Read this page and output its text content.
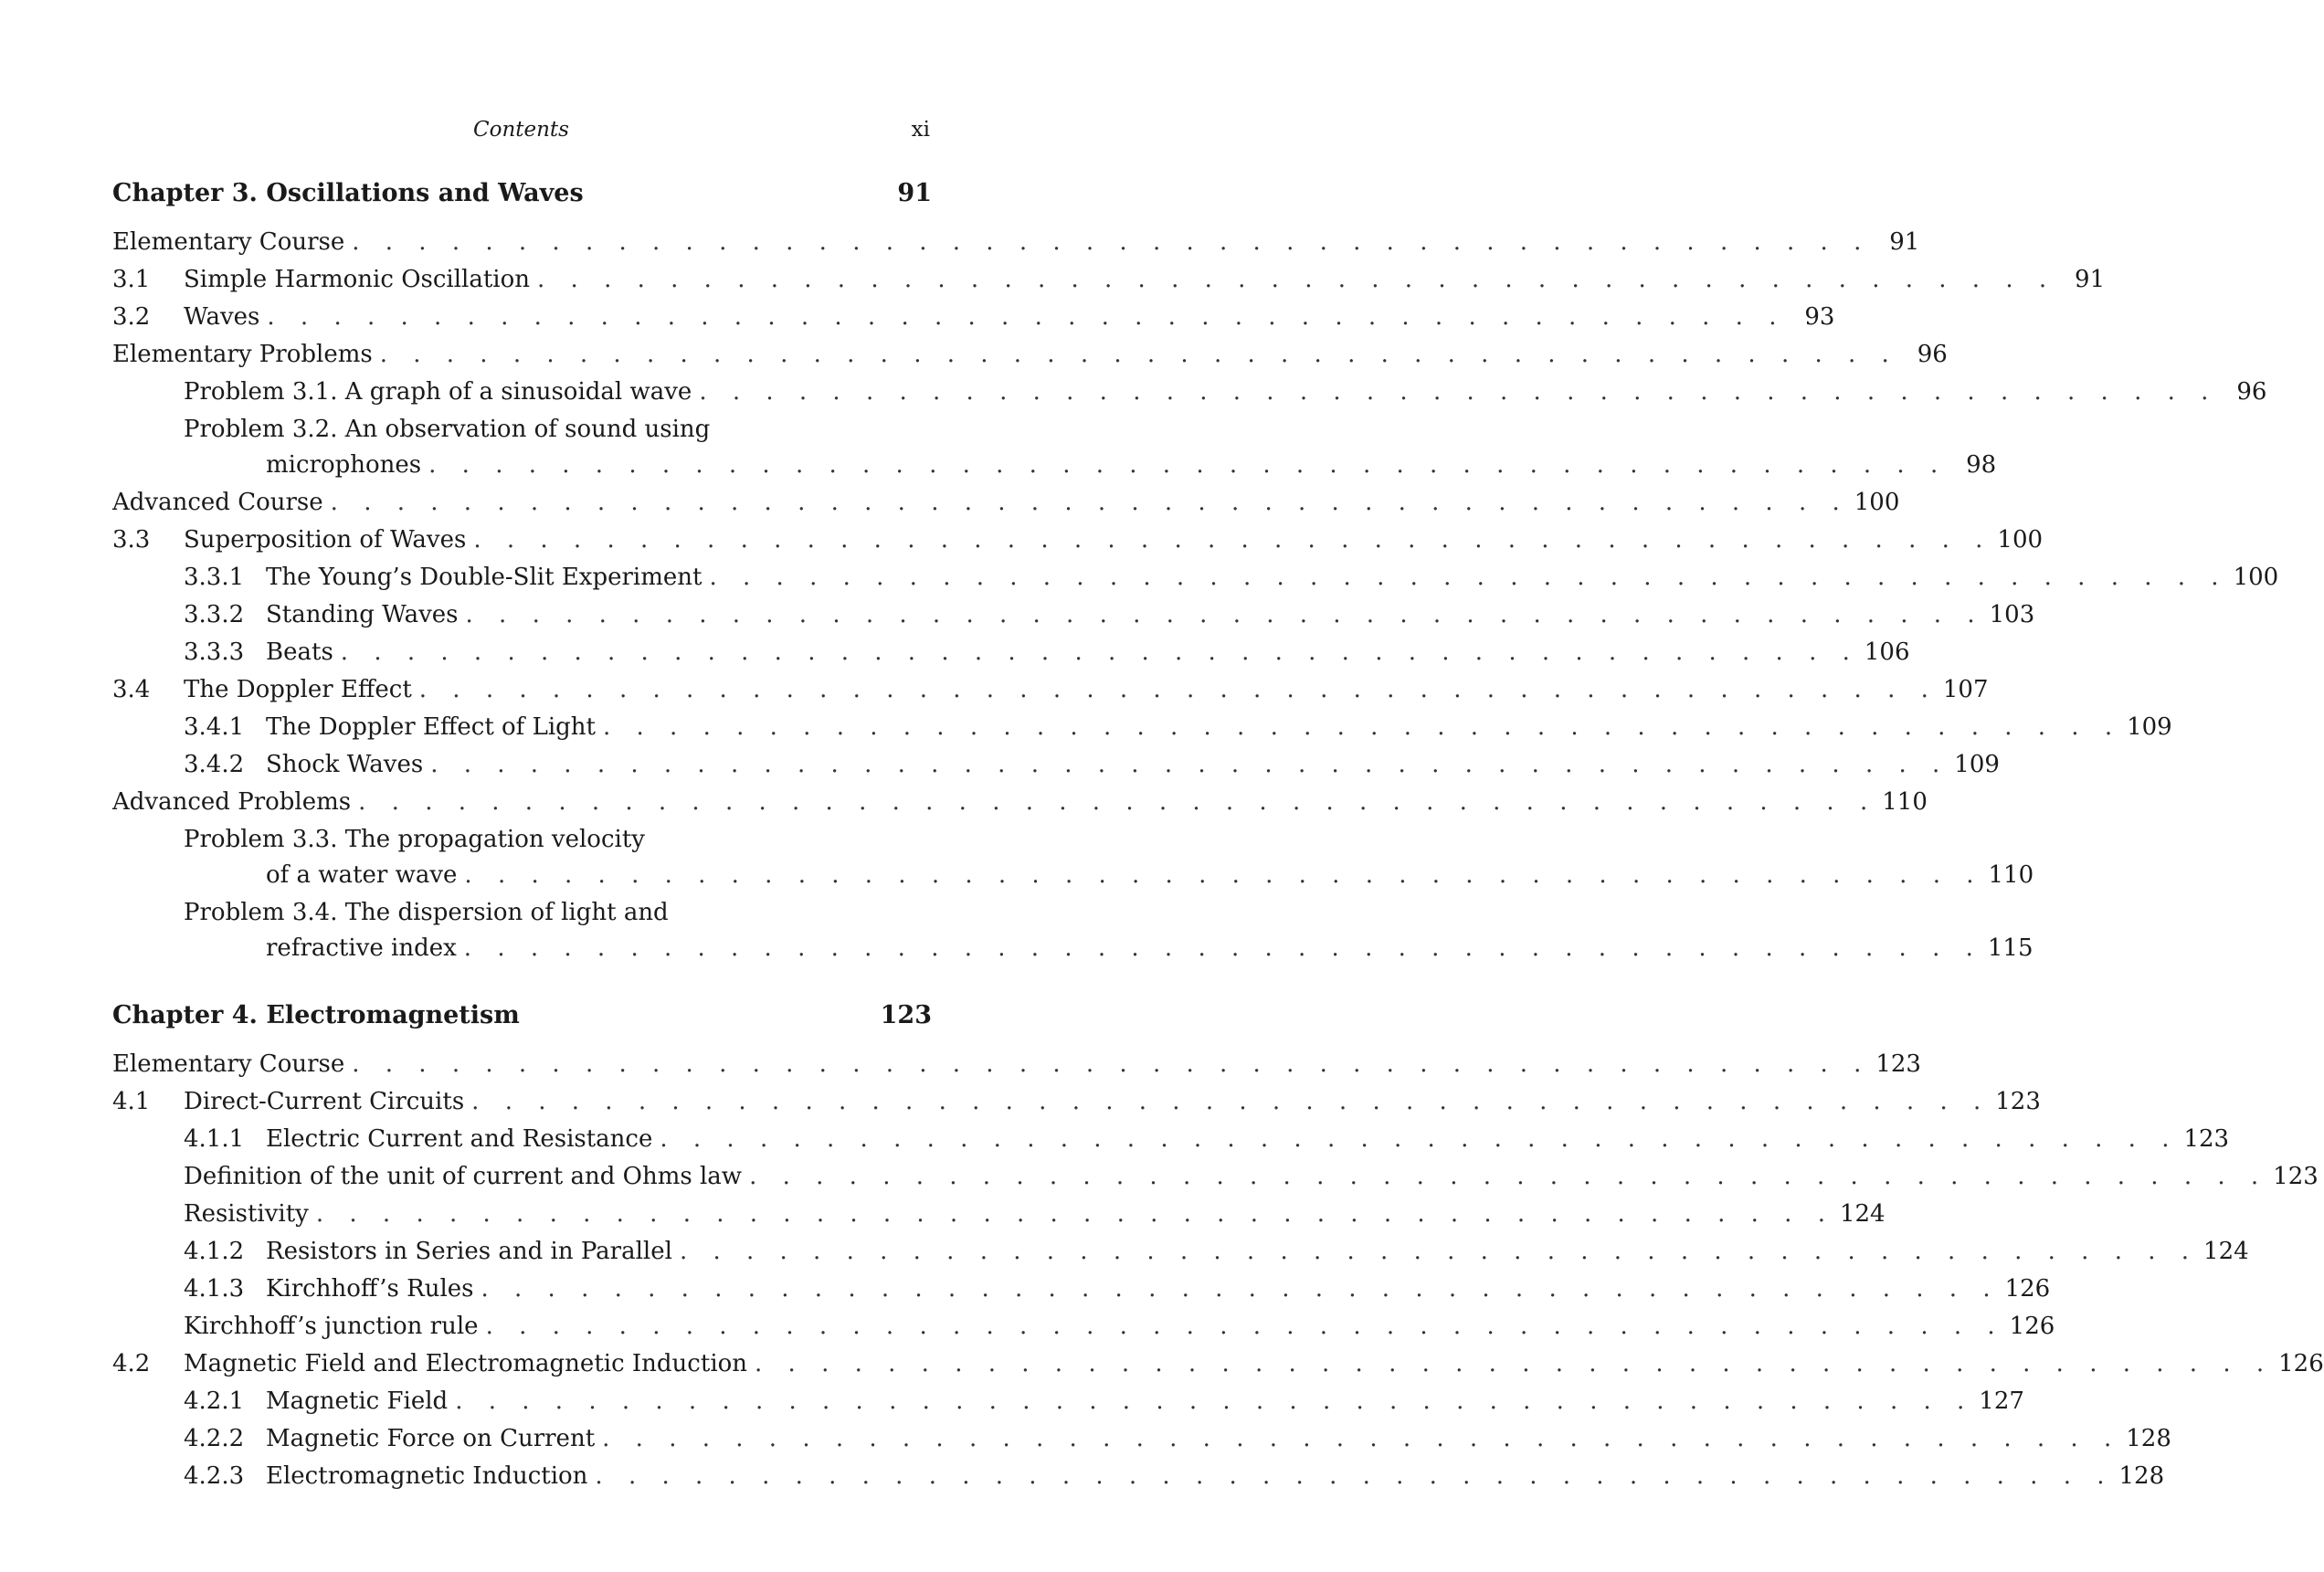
Contents	xi
Chapter 3. Oscillations and Waves	91
Elementary Course . . . . . . . . . . . . . . . . . . . . . . . . . . . . . . . . . . . . . . . . . . . . . . 91
3.1	Simple Harmonic Oscillation . . . . . . . . . . . . . . . . . . . . . . . . . . . . . . . . . . . . . . . . . . . . . . 91
3.2	Waves . . . . . . . . . . . . . . . . . . . . . . . . . . . . . . . . . . . . . . . . . . . . . . 93
Elementary Problems . . . . . . . . . . . . . . . . . . . . . . . . . . . . . . . . . . . . . . . . . . . . . . 96
Problem 3.1. A graph of a sinusoidal wave . . . . . . . . . . . . . . . . . . . . . . . . . . . . . . . . . . . . . . . . . . . . . . 96
Problem 3.2. An observation of sound using
microphones . . . . . . . . . . . . . . . . . . . . . . . . . . . . . . . . . . . . . . . . . . . . . . 98
Advanced Course . . . . . . . . . . . . . . . . . . . . . . . . . . . . . . . . . . . . . . . . . . . . . . 100
3.3	Superposition of Waves . . . . . . . . . . . . . . . . . . . . . . . . . . . . . . . . . . . . . . . . . . . . . . 100
3.3.1 The Young’s Double-Slit Experiment . . . . . . . . . . . . . . . . . . . . . . . . . . . . . . . . . . . . . . . . . . . . . . 100
3.3.2 Standing Waves . . . . . . . . . . . . . . . . . . . . . . . . . . . . . . . . . . . . . . . . . . . . . . 103
3.3.3 Beats . . . . . . . . . . . . . . . . . . . . . . . . . . . . . . . . . . . . . . . . . . . . . . 106
3.4	The Doppler Effect . . . . . . . . . . . . . . . . . . . . . . . . . . . . . . . . . . . . . . . . . . . . . . 107
3.4.1 The Doppler Effect of Light . . . . . . . . . . . . . . . . . . . . . . . . . . . . . . . . . . . . . . . . . . . . . . 109
3.4.2 Shock Waves . . . . . . . . . . . . . . . . . . . . . . . . . . . . . . . . . . . . . . . . . . . . . . 109
Advanced Problems . . . . . . . . . . . . . . . . . . . . . . . . . . . . . . . . . . . . . . . . . . . . . . 110
Problem 3.3. The propagation velocity
of a water wave . . . . . . . . . . . . . . . . . . . . . . . . . . . . . . . . . . . . . . . . . . . . . . 110
Problem 3.4. The dispersion of light and
refractive index . . . . . . . . . . . . . . . . . . . . . . . . . . . . . . . . . . . . . . . . . . . . . . 115
Chapter 4. Electromagnetism	123
Elementary Course . . . . . . . . . . . . . . . . . . . . . . . . . . . . . . . . . . . . . . . . . . . . . . 123
4.1	Direct-Current Circuits . . . . . . . . . . . . . . . . . . . . . . . . . . . . . . . . . . . . . . . . . . . . . . 123
4.1.1 Electric Current and Resistance . . . . . . . . . . . . . . . . . . . . . . . . . . . . . . . . . . . . . . . . . . . . . . 123
Definition of the unit of current and Ohms law . . . . . . . . . . . . . . . . . . . . . . . . . . . . . . . . . . . . . . . . . . . . . . 123
Resistivity . . . . . . . . . . . . . . . . . . . . . . . . . . . . . . . . . . . . . . . . . . . . . . 124
4.1.2 Resistors in Series and in Parallel . . . . . . . . . . . . . . . . . . . . . . . . . . . . . . . . . . . . . . . . . . . . . . 124
4.1.3 Kirchhoff’s Rules . . . . . . . . . . . . . . . . . . . . . . . . . . . . . . . . . . . . . . . . . . . . . . 126
Kirchhoff’s junction rule . . . . . . . . . . . . . . . . . . . . . . . . . . . . . . . . . . . . . . . . . . . . . . 126
4.2	Magnetic Field and Electromagnetic Induction . . . . . . . . . . . . . . . . . . . . . . . . . . . . . . . . . . . . . . . . . . . . . . 126
4.2.1 Magnetic Field . . . . . . . . . . . . . . . . . . . . . . . . . . . . . . . . . . . . . . . . . . . . . . 127
4.2.2 Magnetic Force on Current . . . . . . . . . . . . . . . . . . . . . . . . . . . . . . . . . . . . . . . . . . . . . . 128
4.2.3 Electromagnetic Induction . . . . . . . . . . . . . . . . . . . . . . . . . . . . . . . . . . . . . . . . . . . . . . 128
